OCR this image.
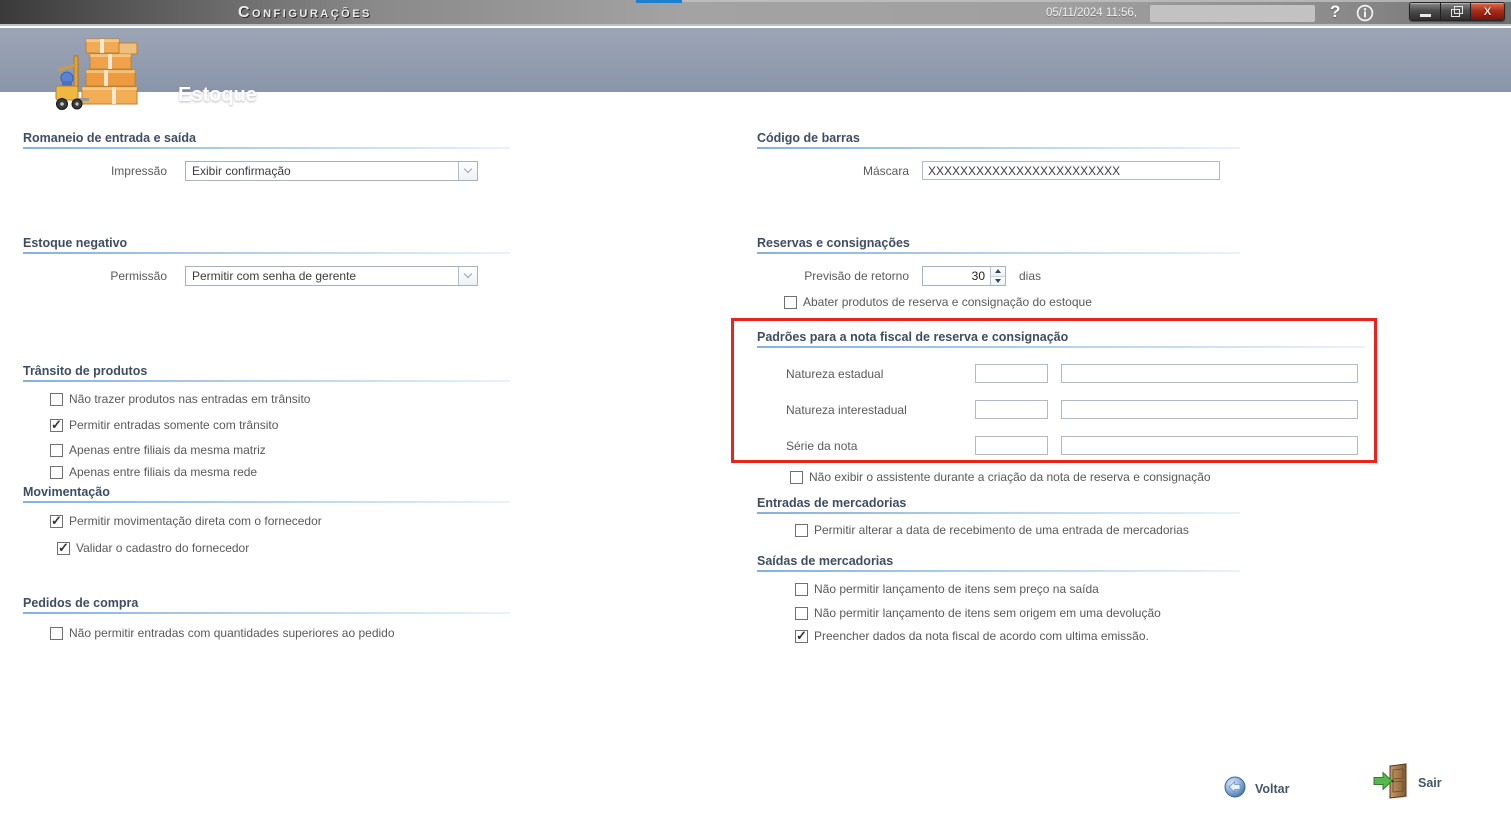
Configurações	05/11/2024 11:56,	?	X
Estoque
Romaneio de entrada e saída
Impressão	Exibir confirmação
Estoque negativo
Permissão	Permitir com senha de gerente
Trânsito de produtos
Não trazer produtos nas entradas em trânsito
✓ Permitir entradas somente com trânsito
Apenas entre filiais da mesma matriz
Apenas entre filiais da mesma rede
Movimentação
✓ Permitir movimentação direta com o fornecedor
✓ Validar o cadastro do fornecedor
Pedidos de compra
Não permitir entradas com quantidades superiores ao pedido
Código de barras
Máscara
XXXXXXXXXXXXXXXXXXXXXXXX
Reservas e consignações
Previsão de retorno
30	dias
Abater produtos de reserva e consignação do estoque
Padrões para a nota fiscal de reserva e consignação
Natureza estadual
Natureza interestadual
Série da nota
Não exibir o assistente durante a criação da nota de reserva e consignação
Entradas de mercadorias
Permitir alterar a data de recebimento de uma entrada de mercadorias
Saídas de mercadorias
Não permitir lançamento de itens sem preço na saída
Não permitir lançamento de itens sem origem em uma devolução
✓ Preencher dados da nota fiscal de acordo com ultima emissão.
Voltar	Sair
